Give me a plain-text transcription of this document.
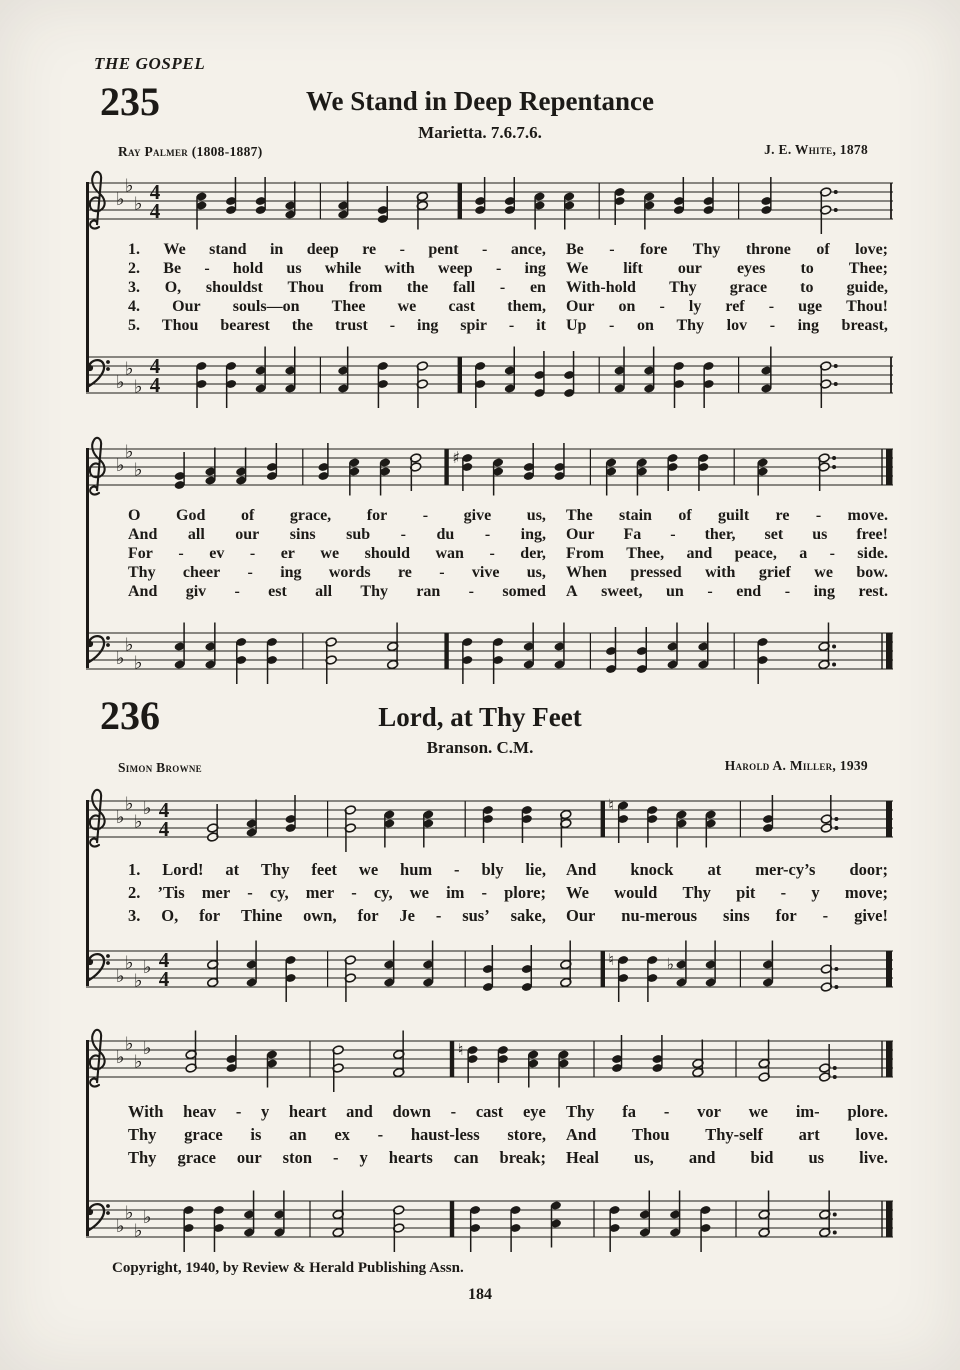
THE GOSPEL
235	We Stand in Deep Repentance
Marietta. 7.6.7.6.
Ray Palmer (1808-1887)	J. E. White, 1878
♭
♭
♭ 4
4
1. We stand in deep re - pent - ance, Be - fore Thy throne of love;
2. Be - hold us while with weep - ing We lift our eyes to Thee;
3. O, shouldst Thou from the fall - en With-hold Thy grace to guide,
4. Our souls—on Thee we cast them, Our on - ly ref - uge Thou!
5. Thou bearest the trust - ing spir - it Up - on Thy lov - ing breast,
♭
♭
♭
4
4
♭
♭
♭
♯
O God of grace, for - give us, The stain of guilt re - move.
And all our sins sub - du - ing, Our Fa - ther, set us free!
For - ev - er we should wan - der, From Thee, and peace, a - side.
Thy cheer - ing words re - vive us, When pressed with grief we bow.
And giv - est all Thy ran - somed A sweet, un - end - ing rest.
♭
♭
♭
236	Lord, at Thy Feet
Branson. C.M.
Simon Browne	Harold A. Miller, 1939
♭
♭
♭
♭ 4
4
♮
1. Lord! at Thy feet we hum - bly lie, And knock at mer-cy’s door;
2. ’Tis mer - cy, mer - cy, we im - plore; We would Thy pit - y move;
3. O, for Thine own, for Je - sus’ sake, Our nu-merous sins for - give!
♭
♭
♭
♭ 4
4
♮	♭
♭
♭
♭
♭	♮
With heav - y heart and down - cast eye Thy fa - vor we im- plore.
Thy grace is an ex - haust-less store, And Thou Thy-self art love.
Thy grace our ston - y hearts can break; Heal us, and bid us live.
♭
♭
♭
♭
Copyright, 1940, by Review & Herald Publishing Assn.
184
